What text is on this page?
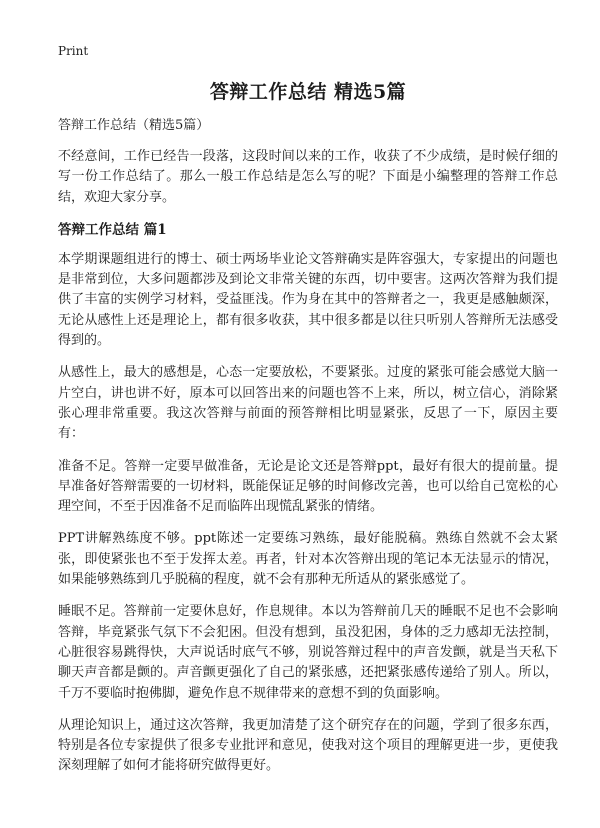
Print
答辩工作总结 精选5篇

答辩工作总结（精选5篇）

不经意间，工作已经告一段落，这段时间以来的工作，收获了不少成绩，是时候仔细的写一份工作总结了。那么一般工作总结是怎么写的呢？下面是小编整理的答辩工作总结，欢迎大家分享。

答辩工作总结 篇1

本学期课题组进行的博士、硕士两场毕业论文答辩确实是阵容强大，专家提出的问题也是非常到位，大多问题都涉及到论文非常关键的东西，切中要害。这两次答辩为我们提供了丰富的实例学习材料，受益匪浅。作为身在其中的答辩者之一，我更是感触颇深，无论从感性上还是理论上，都有很多收获，其中很多都是以往只听别人答辩所无法感受得到的。

从感性上，最大的感想是，心态一定要放松，不要紧张。过度的紧张可能会感觉大脑一片空白，讲也讲不好，原本可以回答出来的问题也答不上来，所以，树立信心，消除紧张心理非常重要。我这次答辩与前面的预答辩相比明显紧张，反思了一下，原因主要有：

准备不足。答辩一定要早做准备，无论是论文还是答辩ppt，最好有很大的提前量。提早准备好答辩需要的一切材料，既能保证足够的时间修改完善，也可以给自己宽松的心理空间，不至于因准备不足而临阵出现慌乱紧张的情绪。

PPT讲解熟练度不够。ppt陈述一定要练习熟练，最好能脱稿。熟练自然就不会太紧张，即使紧张也不至于发挥太差。再者，针对本次答辩出现的笔记本无法显示的情况，如果能够熟练到几乎脱稿的程度，就不会有那种无所适从的紧张感觉了。

睡眠不足。答辩前一定要休息好，作息规律。本以为答辩前几天的睡眠不足也不会影响答辩，毕竟紧张气氛下不会犯困。但没有想到，虽没犯困，身体的乏力感却无法控制，心脏很容易跳得快，大声说话时底气不够，别说答辩过程中的声音发颤，就是当天私下聊天声音都是颤的。声音颤更强化了自己的紧张感，还把紧张感传递给了别人。所以，千万不要临时抱佛脚，避免作息不规律带来的意想不到的负面影响。

从理论知识上，通过这次答辩，我更加清楚了这个研究存在的问题，学到了很多东西，特别是各位专家提供了很多专业批评和意见，使我对这个项目的理解更进一步，更使我深刻理解了如何才能将研究做得更好。
